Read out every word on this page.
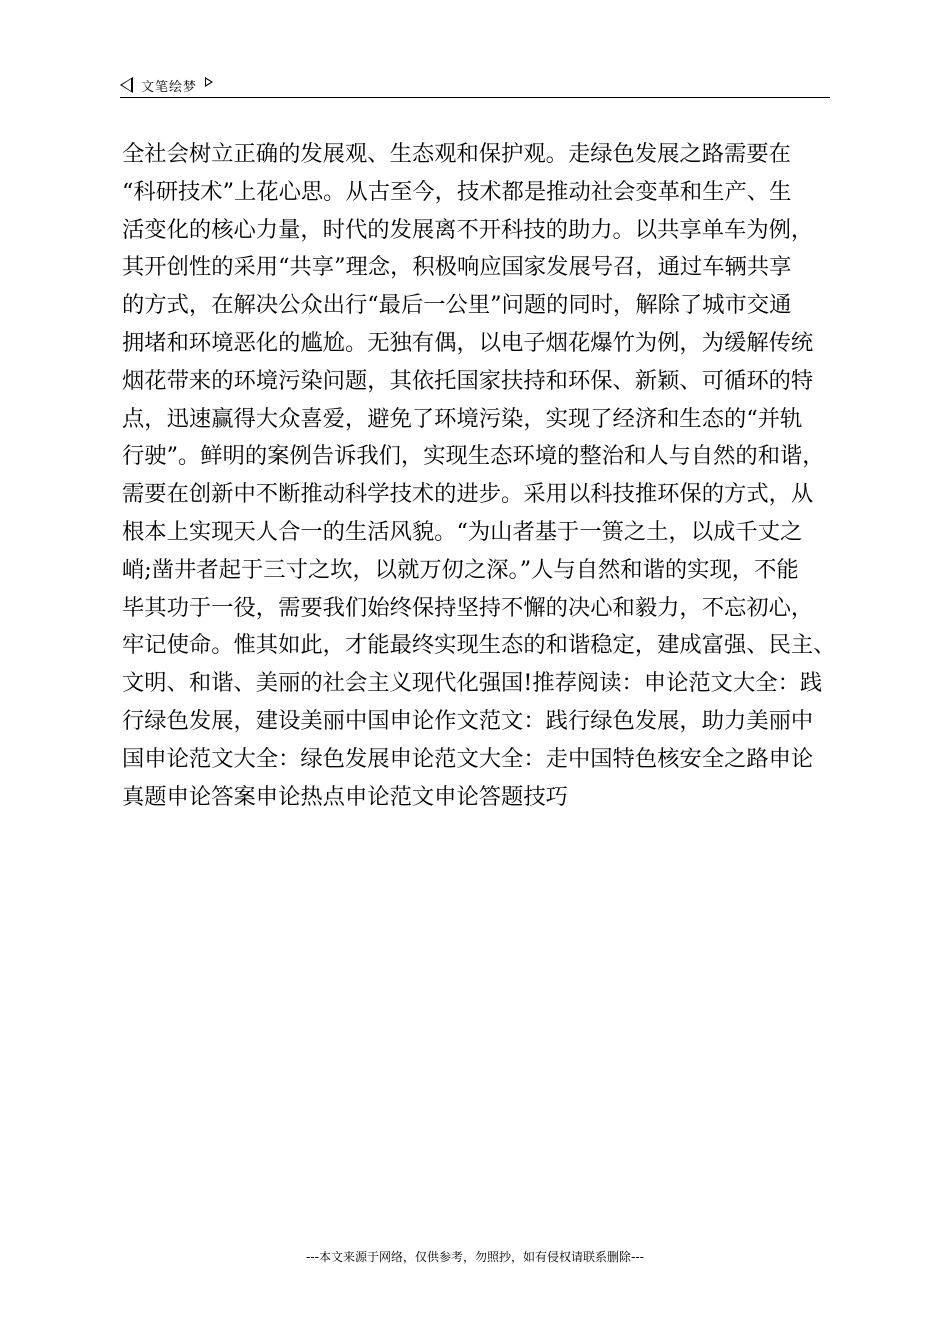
文笔绘梦
全社会树立正确的发展观、生态观和保护观。走绿色发展之路需要在
“科研技术”上花心思。从古至今，技术都是推动社会变革和生产、生
活变化的核心力量，时代的发展离不开科技的助力。以共享单车为例，
其开创性的采用“共享”理念，积极响应国家发展号召，通过车辆共享
的方式，在解决公众出行“最后一公里”问题的同时，解除了城市交通
拥堵和环境恶化的尴尬。无独有偶，以电子烟花爆竹为例，为缓解传统
烟花带来的环境污染问题，其依托国家扶持和环保、新颖、可循环的特
点，迅速赢得大众喜爱，避免了环境污染，实现了经济和生态的“并轨
行驶”。鲜明的案例告诉我们，实现生态环境的整治和人与自然的和谐，
需要在创新中不断推动科学技术的进步。采用以科技推环保的方式，从
根本上实现天人合一的生活风貌。“为山者基于一篑之土，以成千丈之
峭;凿井者起于三寸之坎，以就万仞之深。”人与自然和谐的实现，不能
毕其功于一役，需要我们始终保持坚持不懈的决心和毅力，不忘初心，
牢记使命。惟其如此，才能最终实现生态的和谐稳定，建成富强、民主、
文明、和谐、美丽的社会主义现代化强国!推荐阅读：申论范文大全：践
行绿色发展，建设美丽中国申论作文范文：践行绿色发展，助力美丽中
国申论范文大全：绿色发展申论范文大全：走中国特色核安全之路申论
真题申论答案申论热点申论范文申论答题技巧
---本文来源于网络，仅供参考，勿照抄，如有侵权请联系删除---
